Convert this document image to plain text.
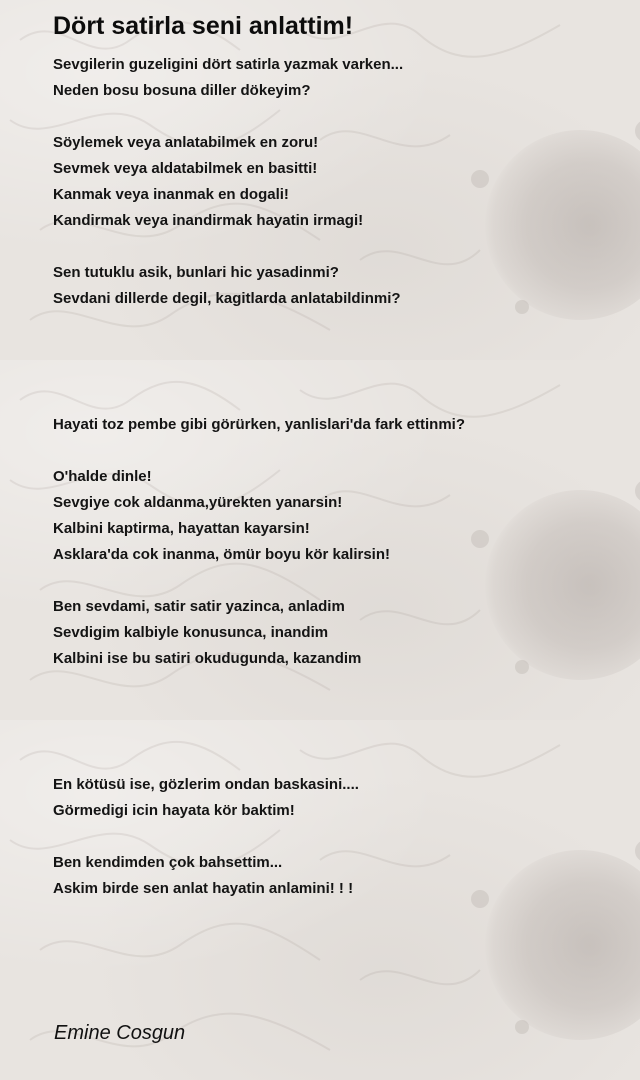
Dört satirla seni anlattim!

Sevgilerin guzeligini dört satirla yazmak varken...

Neden bosu bosuna diller dökeyim?

Söylemek veya anlatabilmek en zoru!

Sevmek veya aldatabilmek en basitti!

Kanmak veya inanmak en dogali!

Kandirmak veya inandirmak hayatin irmagi!

Sen tutuklu asik, bunlari hic yasadinmi?

Sevdani dillerde degil, kagitlarda anlatabildinmi?

Hayati toz pembe gibi görürken, yanlislari'da fark ettinmi?

O'halde dinle!

Sevgiye cok aldanma,yürekten yanarsin!

Kalbini kaptirma, hayattan kayarsin!

Asklara'da cok inanma, ömür boyu kör kalirsin!

Ben sevdami, satir satir yazinca, anladim

Sevdigim kalbiyle konusunca, inandim

Kalbini ise bu satiri okudugunda, kazandim

En kötüsü ise, gözlerim ondan baskasini....

Görmedigi icin hayata kör baktim!

Ben kendimden çok bahsettim...

Askim birde sen anlat hayatin anlamini! ! !

Emine Cosgun
